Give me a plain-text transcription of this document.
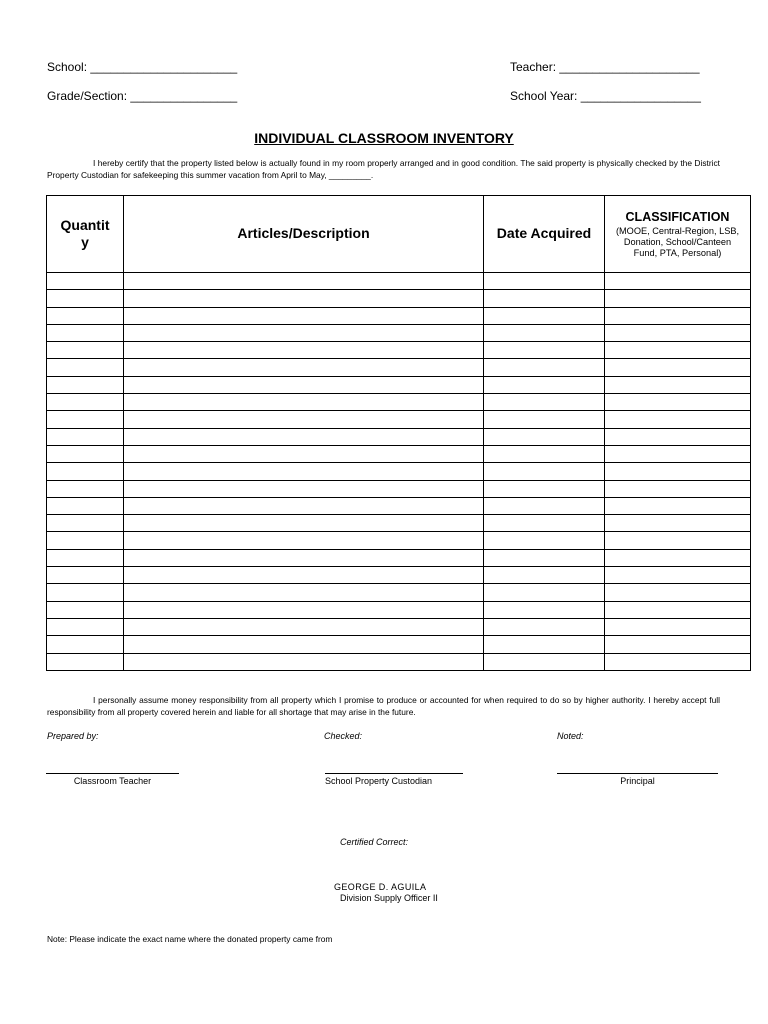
School: ______________________	Teacher: _____________________
Grade/Section: ________________	School Year: __________________
INDIVIDUAL CLASSROOM INVENTORY
I hereby certify that the property listed below is actually found in my room properly arranged and in good condition. The said property is physically checked by the District Property Custodian for safekeeping this summer vacation from April to May, _________.
Quantit y	Articles/Description	Date Acquired	CLASSIFICATION
(MOOE, Central-Region, LSB, Donation, School/Canteen Fund, PTA, Personal)

I personally assume money responsibility from all property which I promise to produce or accounted for when required to do so by higher authority. I hereby accept full responsibility from all property covered herein and liable for all shortage that may arise in the future.
Prepared by:	Checked:	Noted:
Classroom Teacher	School Property Custodian	Principal
Certified Correct:
GEORGE D. AGUILA
Division Supply Officer II
Note: Please indicate the exact name where the donated property came from
